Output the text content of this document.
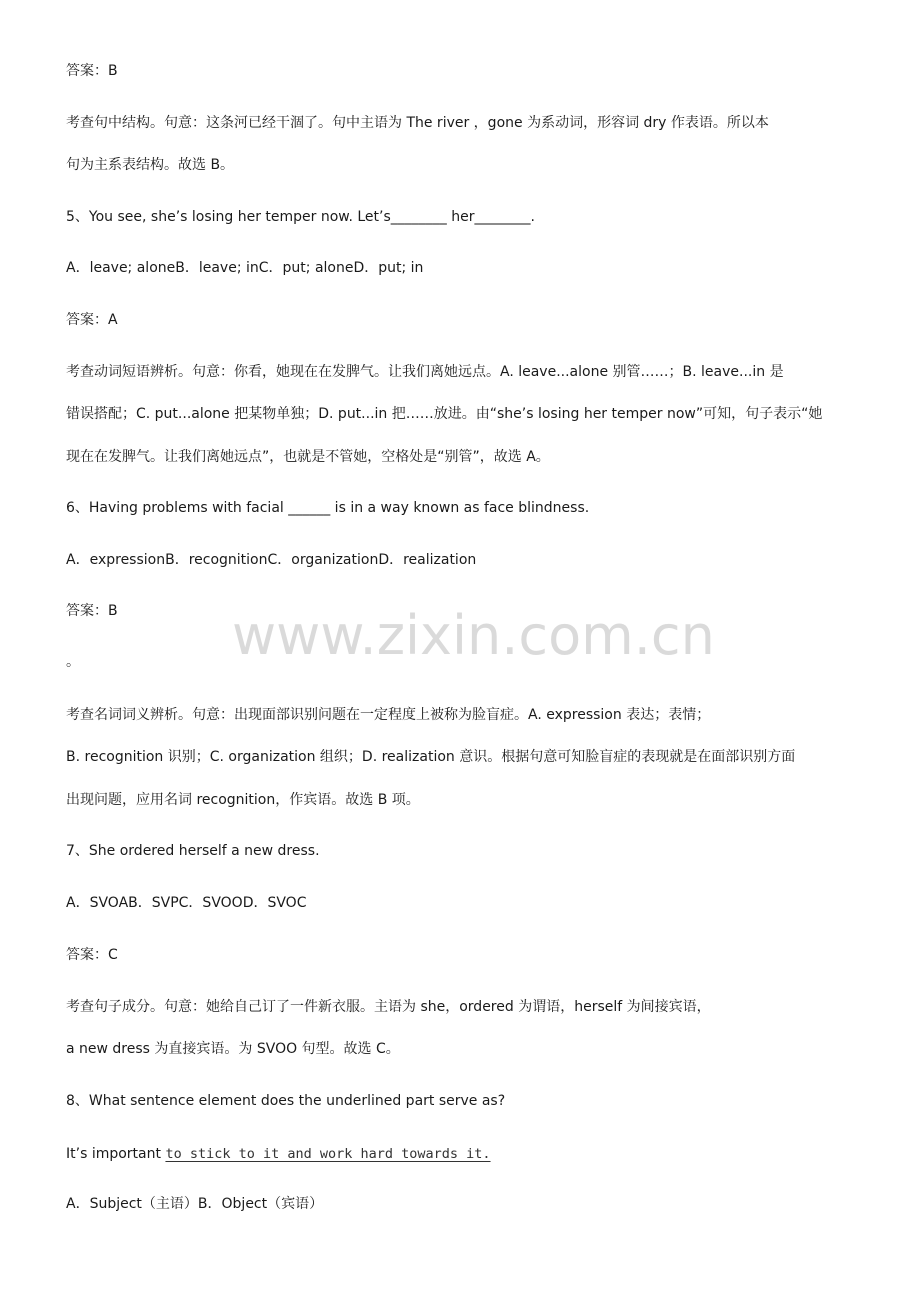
www.zixin.com.cn
答案：B
考查句中结构。句意：这条河已经干涸了。句中主语为 The river ，gone 为系动词，形容词 dry 作表语。所以本
句为主系表结构。故选 B。
5、You see, she’s losing her temper now. Let’s________ her________.
A．leave; aloneB．leave; inC．put; aloneD．put; in
答案：A
考查动词短语辨析。句意：你看，她现在在发脾气。让我们离她远点。A. leave...alone 别管……；B. leave...in 是
错误搭配；C. put...alone 把某物单独；D. put...in 把……放进。由“she’s losing her temper now”可知，句子表示“她
现在在发脾气。让我们离她远点”，也就是不管她，空格处是“别管”，故选 A。
6、Having problems with facial ______ is in a way known as face blindness.
A．expressionB．recognitionC．organizationD．realization
答案：B
。
考查名词词义辨析。句意：出现面部识别问题在一定程度上被称为脸盲症。A. expression 表达；表情；
B. recognition 识别；C. organization 组织；D. realization 意识。根据句意可知脸盲症的表现就是在面部识别方面
出现问题，应用名词 recognition，作宾语。故选 B 项。
7、She ordered herself a new dress.
A．SVOAB．SVPC．SVOOD．SVOC
答案：C
考查句子成分。句意：她给自己订了一件新衣服。主语为 she，ordered 为谓语，herself 为间接宾语，
a new dress 为直接宾语。为 SVOO 句型。故选 C。
8、What sentence element does the underlined part serve as?
It’s important to stick to it and work hard towards it.
A．Subject（主语）B．Object（宾语）
